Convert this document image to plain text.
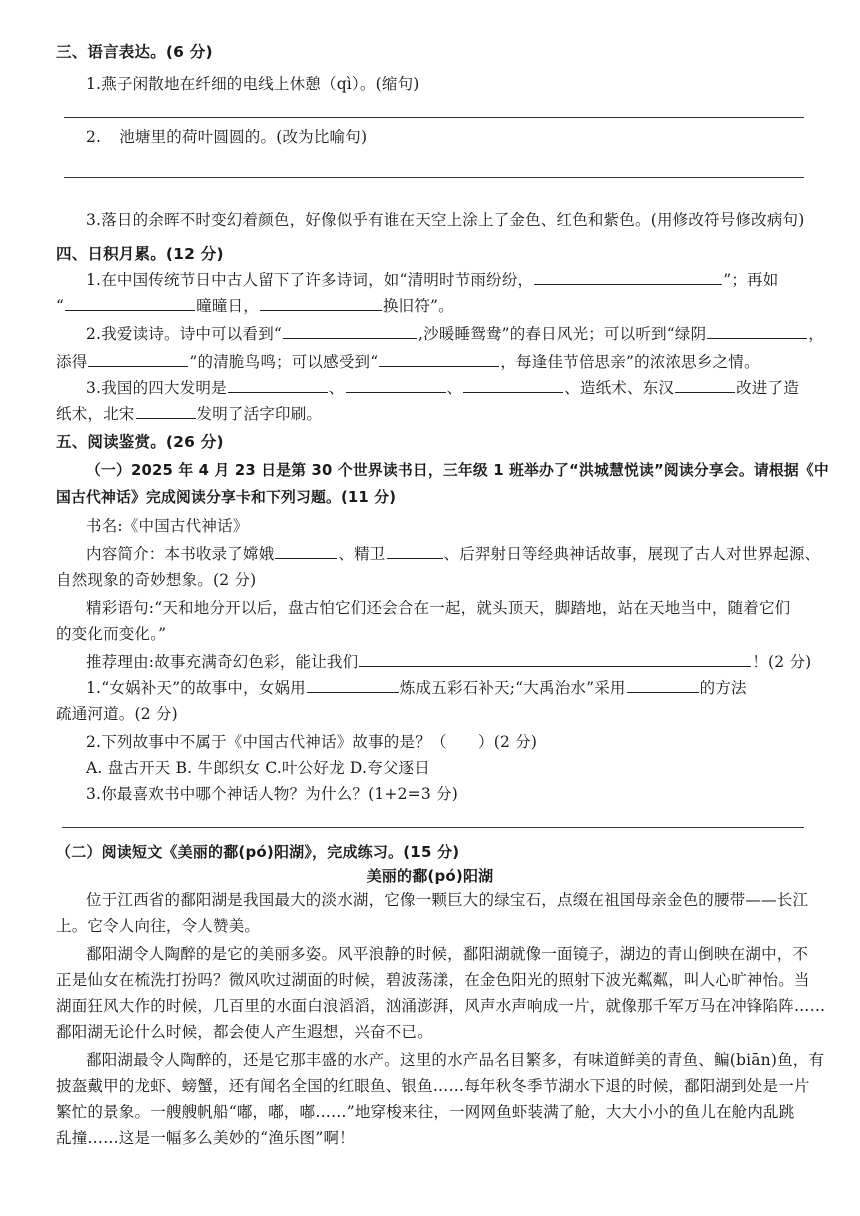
三、语言表达。(6 分)
1.燕子闲散地在纤细的电线上休憩（qì）。(缩句)
2. 池塘里的荷叶圆圆的。(改为比喻句)
3.落日的余晖不时变幻着颜色，好像似乎有谁在天空上涂上了金色、红色和紫色。(用修改符号修改病句)
四、日积月累。(12 分)
1.在中国传统节日中古人留下了许多诗词，如“清明时节雨纷纷，	”；再如
“	曈曈日，	换旧符”。
2.我爱读诗。诗中可以看到“	,沙暖睡鸳鸯”的春日风光；可以听到“绿阴	，
添得	”的清脆鸟鸣；可以感受到“	，每逢佳节倍思亲”的浓浓思乡之情。
3.我国的四大发明是	、	、	、造纸术、东汉	改进了造
纸术，北宋	发明了活字印刷。
五、阅读鉴赏。(26 分)
（一）2025 年 4 月 23 日是第 30 个世界读书日，三年级 1 班举办了“洪城慧悦读”阅读分享会。请根据《中
国古代神话》完成阅读分享卡和下列习题。(11 分)
书名:《中国古代神话》
内容简介：本书收录了嫦娥	、精卫	、后羿射日等经典神话故事，展现了古人对世界起源、
自然现象的奇妙想象。(2 分)
精彩语句:“天和地分开以后，盘古怕它们还会合在一起，就头顶天，脚踏地，站在天地当中，随着它们
的变化而变化。”
推荐理由:故事充满奇幻色彩，能让我们	！(2 分)
1.“女娲补天”的故事中，女娲用	炼成五彩石补天;“大禹治水”采用	的方法
疏通河道。(2 分)
2.下列故事中不属于《中国古代神话》故事的是？（　　）(2 分)
A. 盘古开天 B. 牛郎织女 C.叶公好龙 D.夸父逐日
3.你最喜欢书中哪个神话人物？为什么？(1+2=3 分)
（二）阅读短文《美丽的鄱(pó)阳湖》，完成练习。(15 分)
美丽的鄱(pó)阳湖
位于江西省的鄱阳湖是我国最大的淡水湖，它像一颗巨大的绿宝石，点缀在祖国母亲金色的腰带——长江
上。它令人向往，令人赞美。
鄱阳湖令人陶醉的是它的美丽多姿。风平浪静的时候，鄱阳湖就像一面镜子，湖边的青山倒映在湖中，不
正是仙女在梳洗打扮吗？微风吹过湖面的时候，碧波荡漾，在金色阳光的照射下波光粼粼，叫人心旷神怡。当
湖面狂风大作的时候，几百里的水面白浪滔滔，汹涌澎湃，风声水声响成一片，就像那千军万马在冲锋陷阵……
鄱阳湖无论什么时候，都会使人产生遐想，兴奋不已。
鄱阳湖最令人陶醉的，还是它那丰盛的水产。这里的水产品名目繁多，有味道鲜美的青鱼、鳊(biān)鱼，有
披盔戴甲的龙虾、螃蟹，还有闻名全国的红眼鱼、银鱼……每年秋冬季节湖水下退的时候，鄱阳湖到处是一片
繁忙的景象。一艘艘帆船“嘟，嘟，嘟……”地穿梭来往，一网网鱼虾装满了舱，大大小小的鱼儿在舱内乱跳
乱撞……这是一幅多么美妙的“渔乐图”啊！
